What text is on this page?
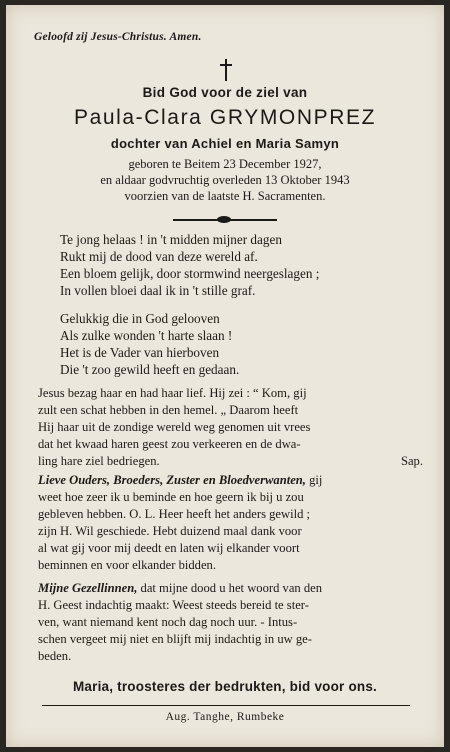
Geloofd zij Jesus-Christus. Amen.
Bid God voor de ziel van
Paula-Clara GRYMONPREZ
dochter van Achiel en Maria Samyn
geboren te Beitem 23 December 1927,
en aldaar godvruchtig overleden 13 Oktober 1943
voorzien van de laatste H. Sacramenten.
Te jong helaas ! in 't midden mijner dagen
Rukt mij de dood van deze wereld af.
Een bloem gelijk, door stormwind neergeslagen ;
In vollen bloei daal ik in 't stille graf.
Gelukkig die in God gelooven
Als zulke wonden 't harte slaan !
Het is de Vader van hierboven
Die 't zoo gewild heeft en gedaan.
Jesus bezag haar en had haar lief. Hij zei : “ Kom, gij
zult een schat hebben in den hemel. „ Daarom heeft
Hij haar uit de zondige wereld weg genomen uit vrees
dat het kwaad haren geest zou verkeeren en de dwa-
ling hare ziel bedriegen.	Sap.
Lieve Ouders, Broeders, Zuster en Bloedverwanten, gij
weet hoe zeer ik u beminde en hoe geern ik bij u zou
gebleven hebben. O. L. Heer heeft het anders gewild ;
zijn H. Wil geschiede. Hebt duizend maal dank voor
al wat gij voor mij deedt en laten wij elkander voort
beminnen en voor elkander bidden.
Mijne Gezellinnen, dat mijne dood u het woord van den
H. Geest indachtig maakt: Weest steeds bereid te ster-
ven, want niemand kent noch dag noch uur. - Intus-
schen vergeet mij niet en blijft mij indachtig in uw ge-
beden.
Maria, troosteres der bedrukten, bid voor ons.
Aug. Tanghe, Rumbeke
